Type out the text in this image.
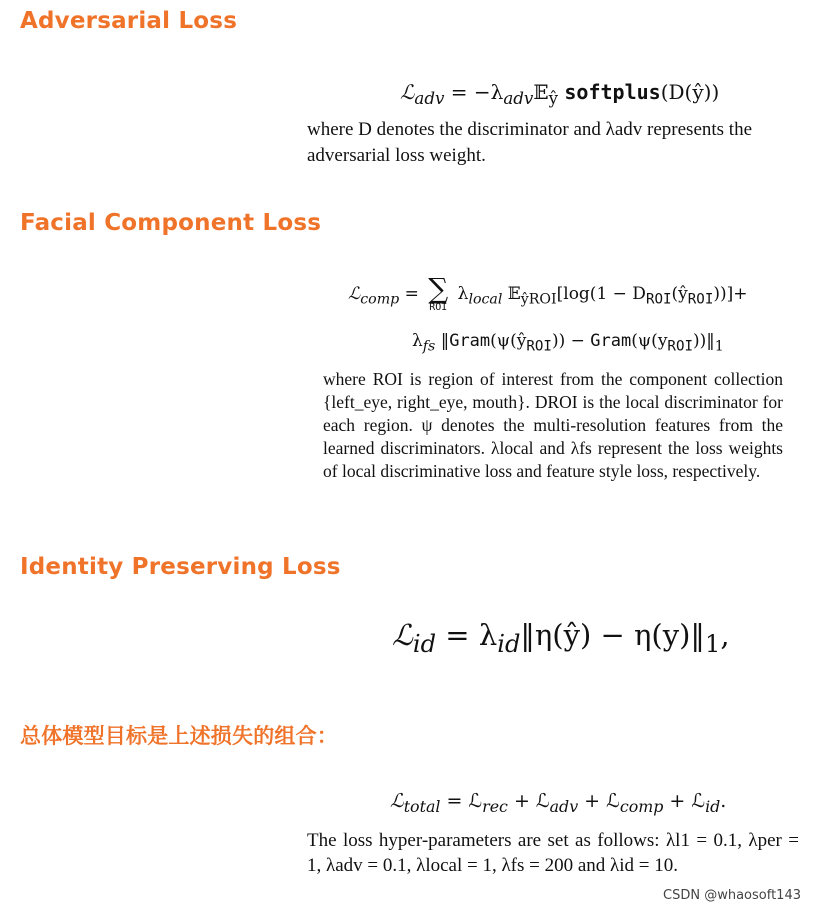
Adversarial Loss
ℒ$_{adv}$ = $-\lambda_{adv}𝔼_ŷ$ softplus(D(ŷ))

where D denotes the discriminator and λadv represents the adversarial loss weight.

Facial Component Loss
ℒ$_{comp}$ = ∑
ROI
$\lambda_{local}$ 𝔼$_{ŷROI}$[log(1 − $D_{ROI}(ŷ_{ROI}))]+$
$\lambda_{fs}$ $‖Gram(\psi(ŷ_{ROI}))$ − $Gram(\psi(y_{ROI}))‖_1$

where ROI is region of interest from the component collection {left_eye, right_eye, mouth}. DROI is the local discriminator for each region. ψ denotes the multi-resolution features from the learned discriminators. λlocal and λfs represent the loss weights of local discriminative loss and feature style loss, respectively.

Identity Preserving Loss
ℒ$_{id}$ = $\lambda_{id}‖\eta(ŷ)$ − $\eta(y)‖_1$,
总体模型目标是上述损失的组合：
ℒ$_{total}$ = ℒ$_{rec}$ + ℒ$_{adv}$ + ℒ$_{comp}$ + ℒ$_{id}$.

The loss hyper-parameters are set as follows: λl1 = 0.1, λper = 1, λadv = 0.1, λlocal = 1, λfs = 200 and λid = 10.

CSDN @whaosoft143
